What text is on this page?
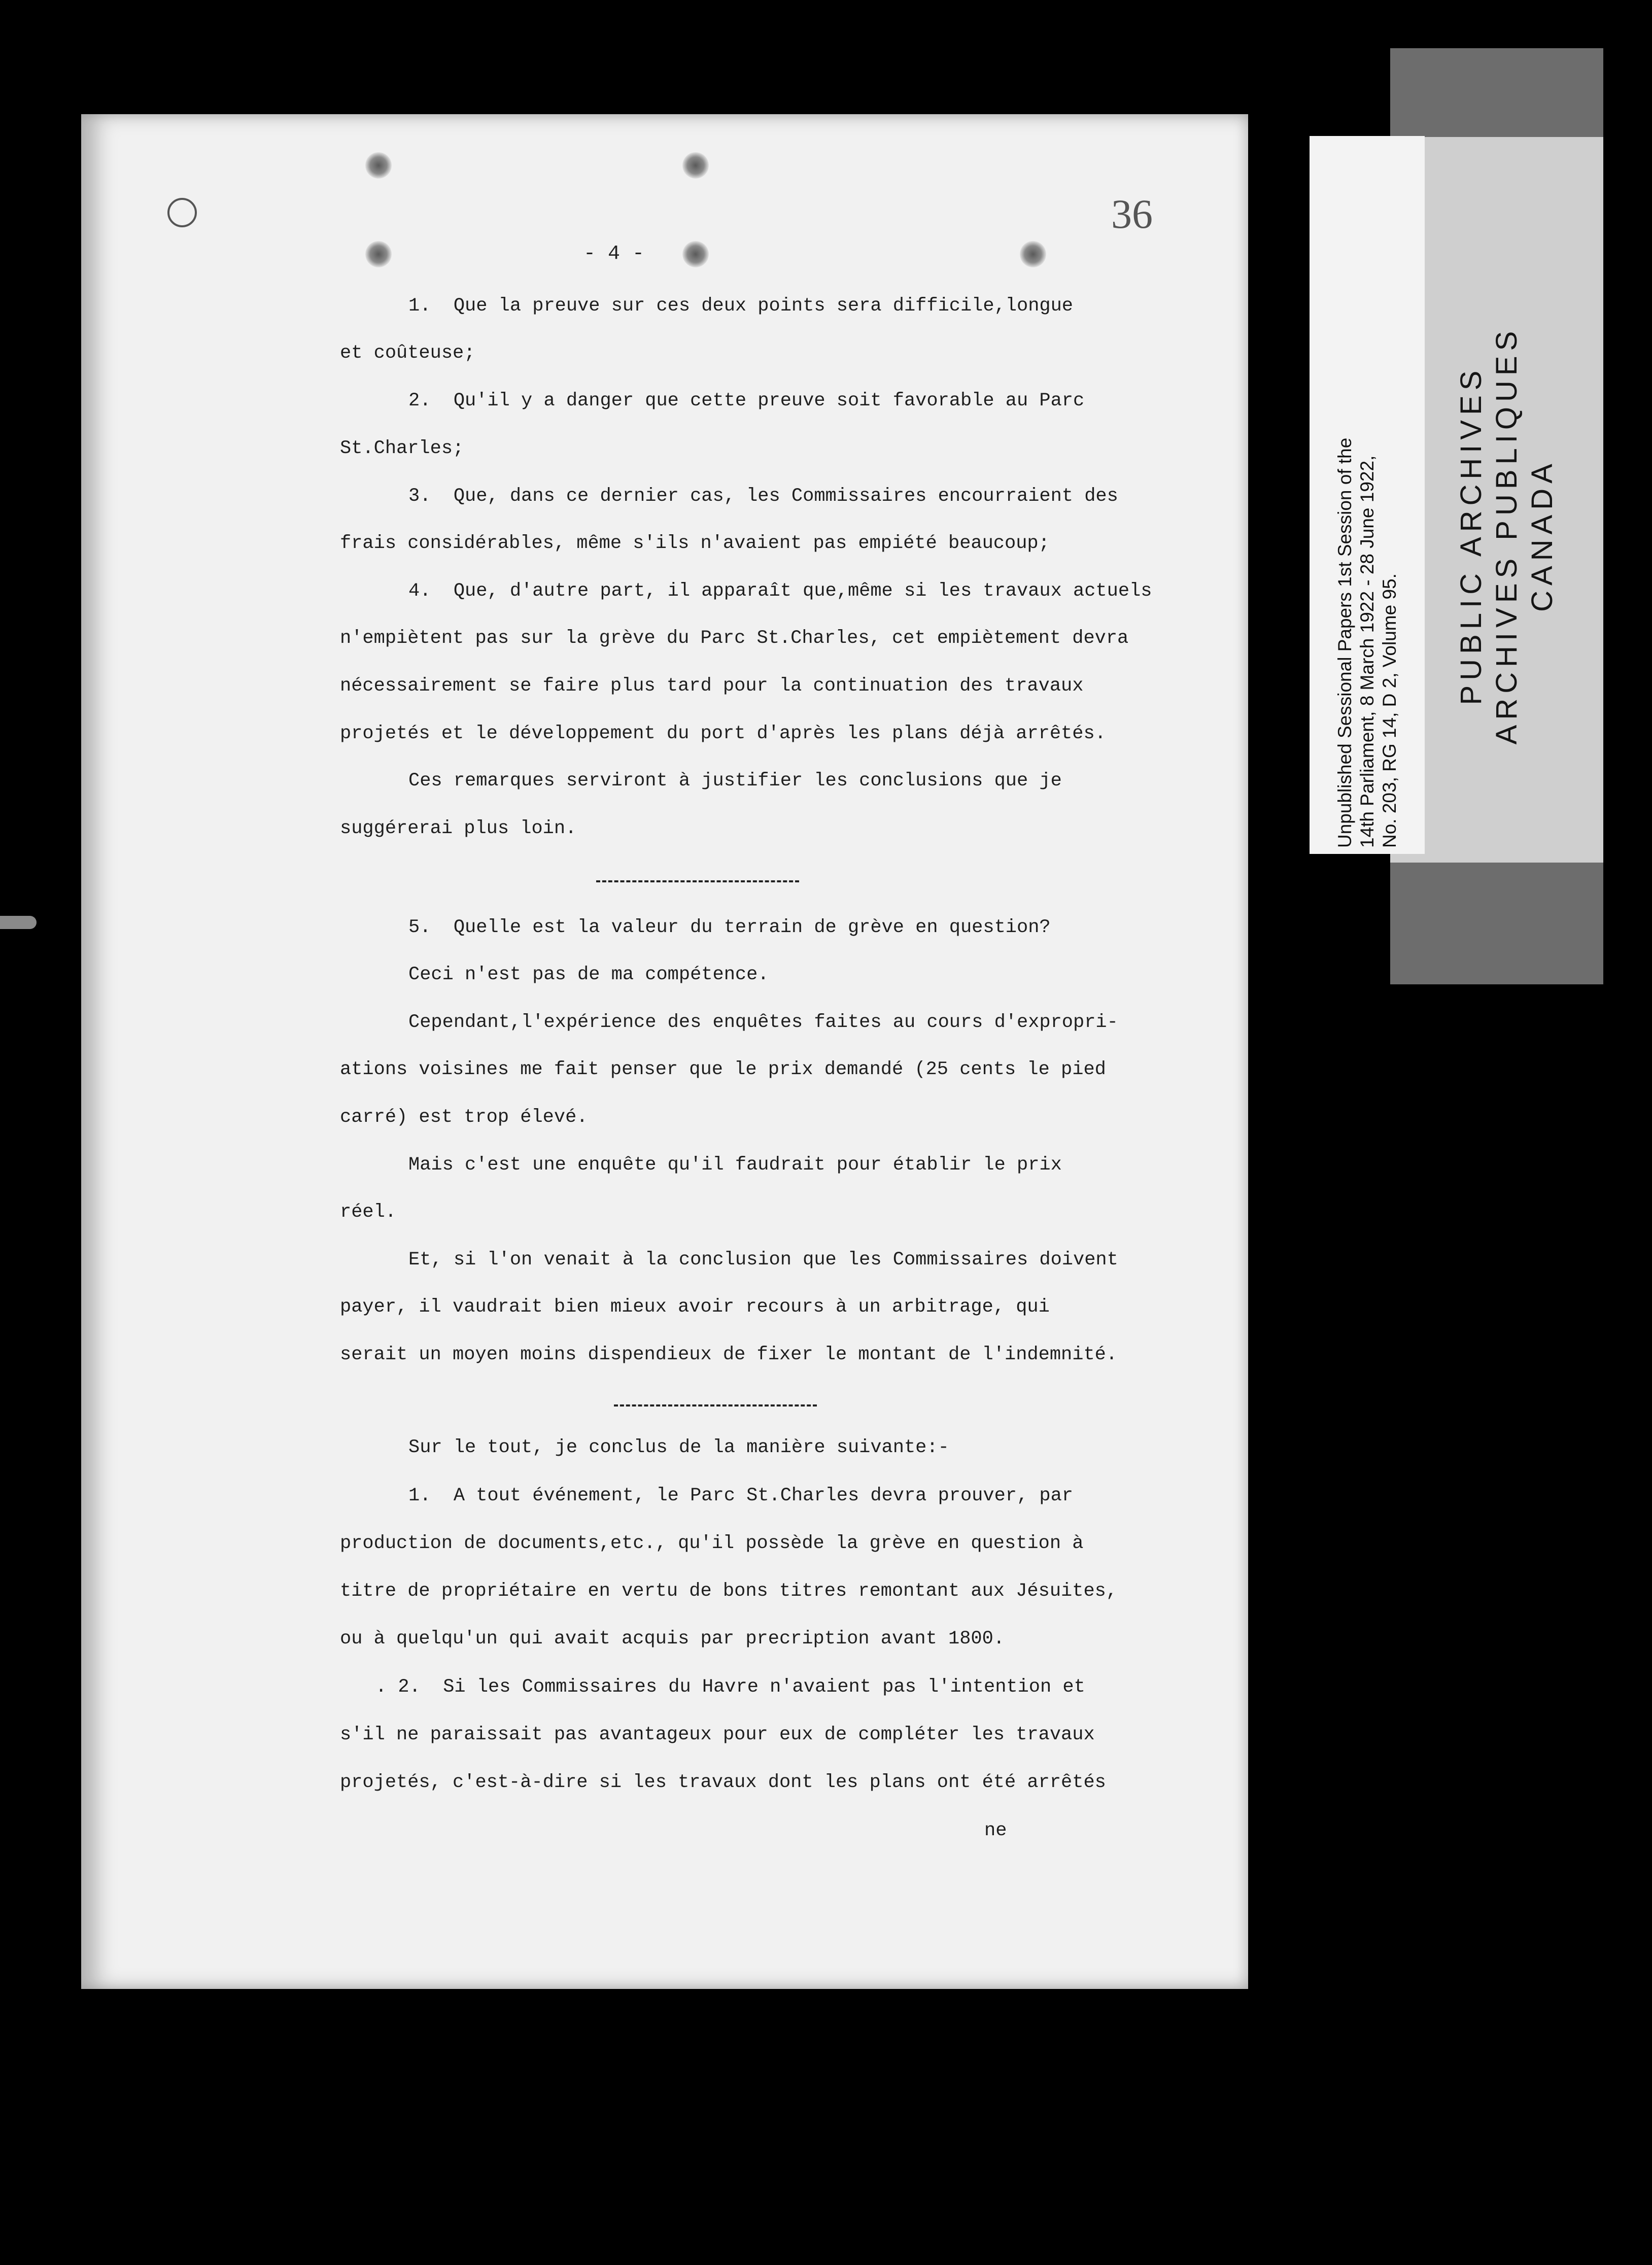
PUBLIC ARCHIVES ARCHIVES PUBLIQUES CANADA
Unpublished Sessional Papers 1st Session of the 14th Parliament, 8 March 1922 - 28 June 1922, No. 203, RG 14, D 2, Volume 95.
36
- 4 -
1.  Que la preuve sur ces deux points sera difficile,longue
et coûteuse;
2.  Qu'il y a danger que cette preuve soit favorable au Parc
St.Charles;
3.  Que, dans ce dernier cas, les Commissaires encourraient des
frais considérables, même s'ils n'avaient pas empiété beaucoup;
4.  Que, d'autre part, il apparaît que,même si les travaux actuels
n'empiètent pas sur la grève du Parc St.Charles, cet empiètement devra
nécessairement se faire plus tard pour la continuation des travaux
projetés et le développement du port d'après les plans déjà arrêtés.
Ces remarques serviront à justifier les conclusions que je
suggérerai plus loin.
5.  Quelle est la valeur du terrain de grève en question?
Ceci n'est pas de ma compétence.
Cependant,l'expérience des enquêtes faites au cours d'expropri-
ations voisines me fait penser que le prix demandé (25 cents le pied
carré) est trop élevé.
Mais c'est une enquête qu'il faudrait pour établir le prix
réel.
Et, si l'on venait à la conclusion que les Commissaires doivent
payer, il vaudrait bien mieux avoir recours à un arbitrage, qui
serait un moyen moins dispendieux de fixer le montant de l'indemnité.
Sur le tout, je conclus de la manière suivante:-
1.  A tout événement, le Parc St.Charles devra prouver, par
production de documents,etc., qu'il possède la grève en question à
titre de propriétaire en vertu de bons titres remontant aux Jésuites,
ou à quelqu'un qui avait acquis par precription avant 1800.
. 2.  Si les Commissaires du Havre n'avaient pas l'intention et
s'il ne paraissait pas avantageux pour eux de compléter les travaux
projetés, c'est-à-dire si les travaux dont les plans ont été arrêtés
ne
